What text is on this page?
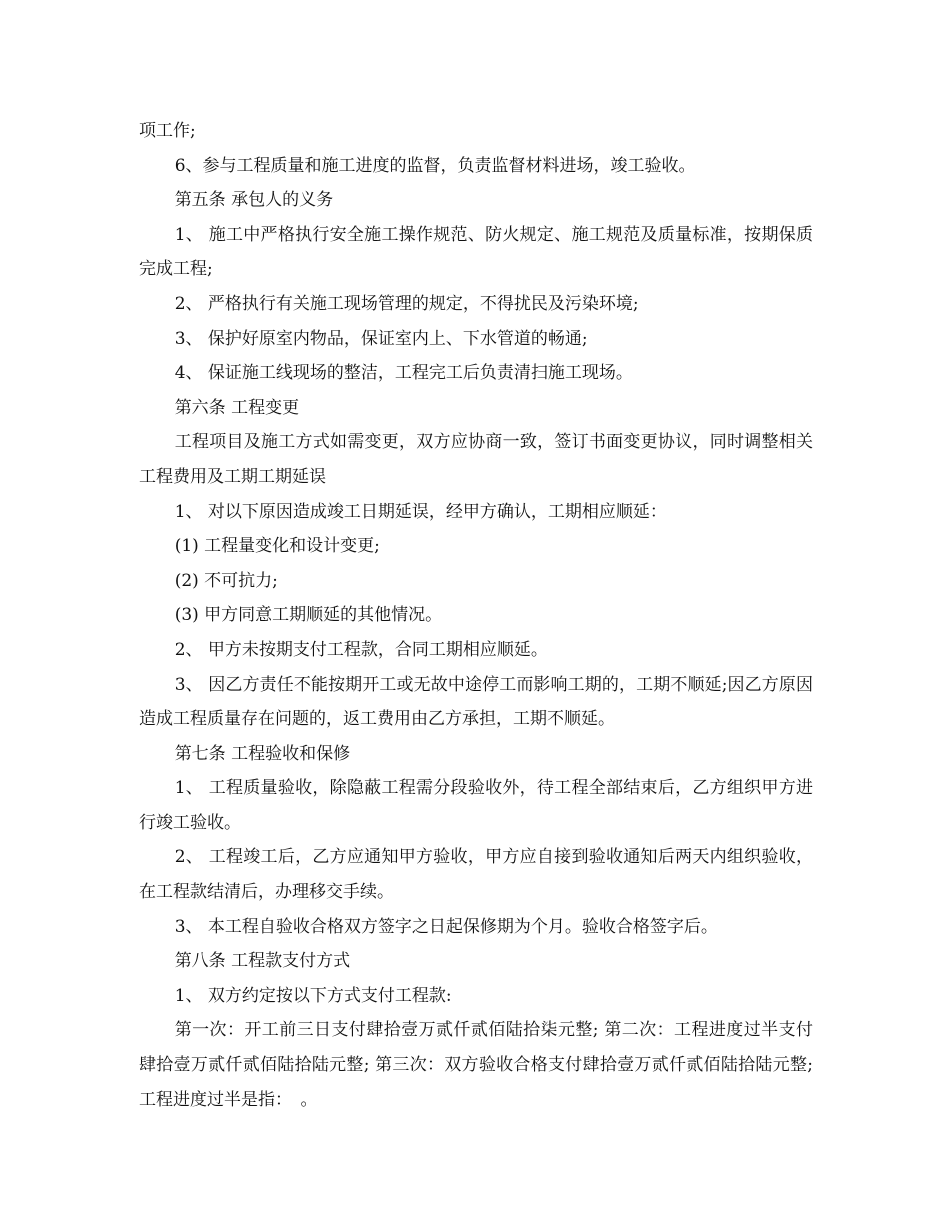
项工作;

6、参与工程质量和施工进度的监督，负责监督材料进场，竣工验收。

第五条 承包人的义务

1、 施工中严格执行安全施工操作规范、防火规定、施工规范及质量标准，按期保质完成工程;

2、 严格执行有关施工现场管理的规定，不得扰民及污染环境;

3、 保护好原室内物品，保证室内上、下水管道的畅通;

4、 保证施工线现场的整洁，工程完工后负责清扫施工现场。

第六条 工程变更

工程项目及施工方式如需变更，双方应协商一致，签订书面变更协议，同时调整相关工程费用及工期工期延误

1、 对以下原因造成竣工日期延误，经甲方确认，工期相应顺延：

(1) 工程量变化和设计变更;

(2) 不可抗力;

(3) 甲方同意工期顺延的其他情况。

2、 甲方未按期支付工程款，合同工期相应顺延。

3、 因乙方责任不能按期开工或无故中途停工而影响工期的，工期不顺延;因乙方原因造成工程质量存在问题的，返工费用由乙方承担，工期不顺延。

第七条 工程验收和保修

1、 工程质量验收，除隐蔽工程需分段验收外，待工程全部结束后，乙方组织甲方进行竣工验收。

2、 工程竣工后，乙方应通知甲方验收，甲方应自接到验收通知后两天内组织验收，在工程款结清后，办理移交手续。

3、 本工程自验收合格双方签字之日起保修期为个月。验收合格签字后。

第八条 工程款支付方式

1、 双方约定按以下方式支付工程款:

第一次：开工前三日支付肆拾壹万贰仟贰佰陆拾柒元整; 第二次：工程进度过半支付肆拾壹万贰仟贰佰陆拾陆元整; 第三次：双方验收合格支付肆拾壹万贰仟贰佰陆拾陆元整; 工程进度过半是指：　。
